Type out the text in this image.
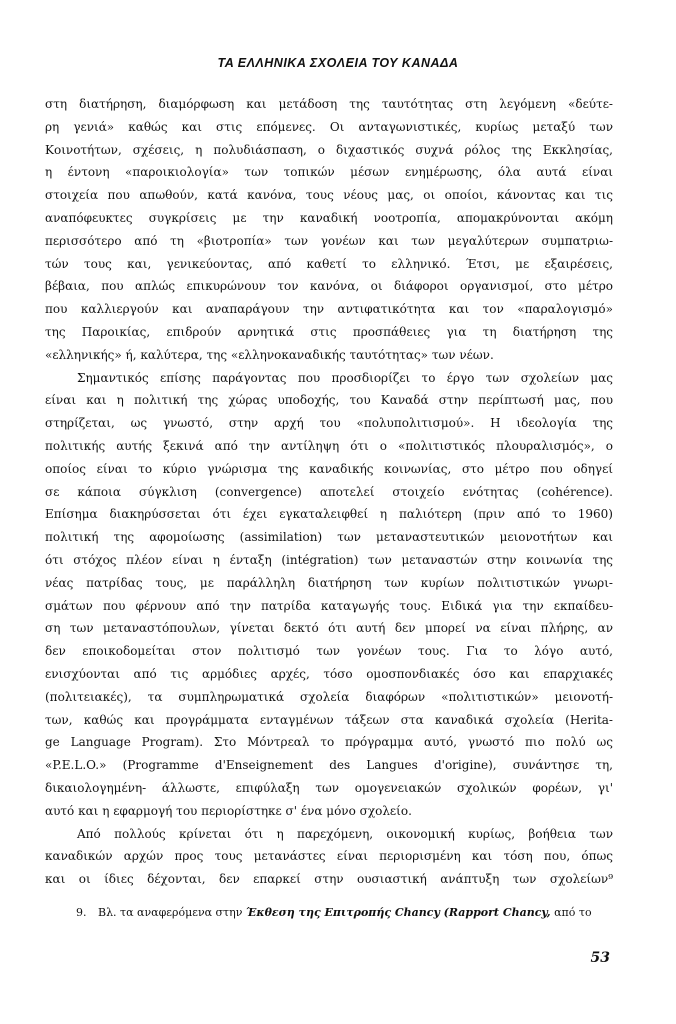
ΤΑ ΕΛΛΗΝΙΚΑ ΣΧΟΛΕΙΑ ΤΟΥ ΚΑΝΑΔΑ
στη διατήρηση, διαμόρφωση και μετάδοση της ταυτότητας στη λεγόμενη «δεύτε-
ρη γενιά» καθώς και στις επόμενες. Οι ανταγωνιστικές, κυρίως μεταξύ των
Κοινοτήτων, σχέσεις, η πολυδιάσπαση, ο διχαστικός συχνά ρόλος της Εκκλησίας,
η έντονη «παροικιολογία» των τοπικών μέσων ενημέρωσης, όλα αυτά είναι
στοιχεία που απωθούν, κατά κανόνα, τους νέους μας, οι οποίοι, κάνοντας και τις
αναπόφευκτες συγκρίσεις με την καναδική νοοτροπία, απομακρύνονται ακόμη
περισσότερο από τη «βιοτροπία» των γονέων και των μεγαλύτερων συμπατριω-
τών τους και, γενικεύοντας, από καθετί το ελληνικό. Έτσι, με εξαιρέσεις,
βέβαια, που απλώς επικυρώνουν τον κανόνα, οι διάφοροι οργανισμοί, στο μέτρο
που καλλιεργούν και αναπαράγουν την αντιφατικότητα και τον «παραλογισμό»
της Παροικίας, επιδρούν αρνητικά στις προσπάθειες για τη διατήρηση της
«ελληνικής» ή, καλύτερα, της «ελληνοκαναδικής ταυτότητας» των νέων.
Σημαντικός επίσης παράγοντας που προσδιορίζει το έργο των σχολείων μας
είναι και η πολιτική της χώρας υποδοχής, του Καναδά στην περίπτωσή μας, που
στηρίζεται, ως γνωστό, στην αρχή του «πολυπολιτισμού». Η ιδεολογία της
πολιτικής αυτής ξεκινά από την αντίληψη ότι ο «πολιτιστικός πλουραλισμός», ο
οποίος είναι το κύριο γνώρισμα της καναδικής κοινωνίας, στο μέτρο που οδηγεί
σε κάποια σύγκλιση (convergence) αποτελεί στοιχείο ενότητας (cohérence).
Επίσημα διακηρύσσεται ότι έχει εγκαταλειφθεί η παλιότερη (πριν από το 1960)
πολιτική της αφομοίωσης (assimilation) των μεταναστευτικών μειονοτήτων και
ότι στόχος πλέον είναι η ένταξη (intégration) των μεταναστών στην κοινωνία της
νέας πατρίδας τους, με παράλληλη διατήρηση των κυρίων πολιτιστικών γνωρι-
σμάτων που φέρνουν από την πατρίδα καταγωγής τους. Ειδικά για την εκπαίδευ-
ση των μεταναστόπουλων, γίνεται δεκτό ότι αυτή δεν μπορεί να είναι πλήρης, αν
δεν εποικοδομείται στον πολιτισμό των γονέων τους. Για το λόγο αυτό,
ενισχύονται από τις αρμόδιες αρχές, τόσο ομοσπονδιακές όσο και επαρχιακές
(πολιτειακές), τα συμπληρωματικά σχολεία διαφόρων «πολιτιστικών» μειονοτή-
των, καθώς και προγράμματα ενταγμένων τάξεων στα καναδικά σχολεία (Herita-
ge Language Program). Στο Μόντρεαλ το πρόγραμμα αυτό, γνωστό πιο πολύ ως
«P.E.L.O.» (Programme d'Enseignement des Langues d'origine), συνάντησε τη,
δικαιολογημένη- άλλωστε, επιφύλαξη των ομογενειακών σχολικών φορέων, γι'
αυτό και η εφαρμογή του περιορίστηκε σ' ένα μόνο σχολείο.
Από πολλούς κρίνεται ότι η παρεχόμενη, οικονομική κυρίως, βοήθεια των
καναδικών αρχών προς τους μετανάστες είναι περιορισμένη και τόση που, όπως
και οι ίδιες δέχονται, δεν επαρκεί στην ουσιαστική ανάπτυξη των σχολείων⁹
9. Βλ. τα αναφερόμενα στην Έκθεση της Επιτροπής Chancy (Rapport Chancy, από το
53
